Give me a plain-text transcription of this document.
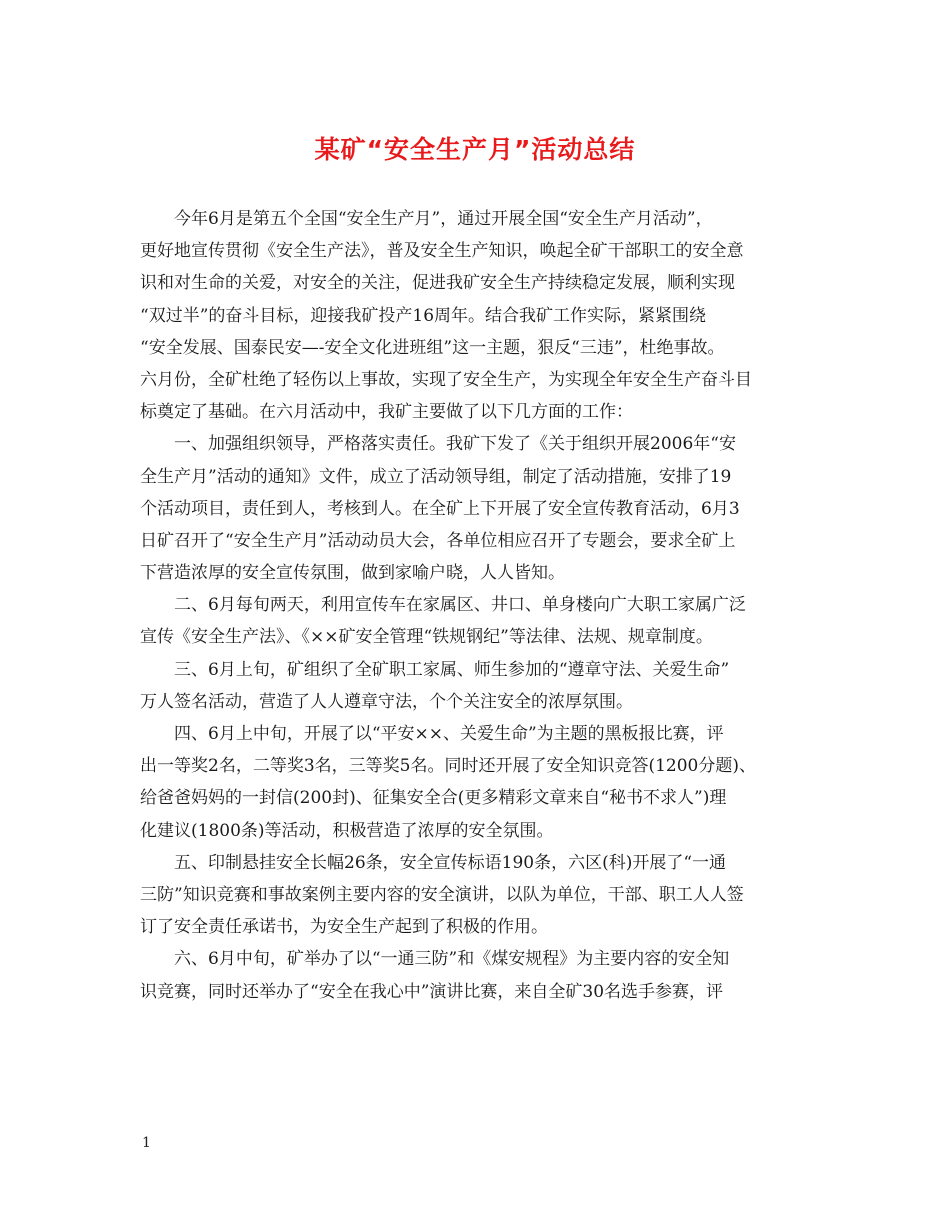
某矿“安全生产月”活动总结
今年6月是第五个全国“安全生产月”，通过开展全国“安全生产月活动”，
更好地宣传贯彻《安全生产法》，普及安全生产知识，唤起全矿干部职工的安全意
识和对生命的关爱，对安全的关注，促进我矿安全生产持续稳定发展，顺利实现
“双过半”的奋斗目标，迎接我矿投产16周年。结合我矿工作实际，紧紧围绕
“安全发展、国泰民安—-安全文化进班组”这一主题，狠反“三违”，杜绝事故。
六月份，全矿杜绝了轻伤以上事故，实现了安全生产，为实现全年安全生产奋斗目
标奠定了基础。在六月活动中，我矿主要做了以下几方面的工作：
一、加强组织领导，严格落实责任。我矿下发了《关于组织开展2006年“安
全生产月”活动的通知》文件，成立了活动领导组，制定了活动措施，安排了19
个活动项目，责任到人，考核到人。在全矿上下开展了安全宣传教育活动，6月3
日矿召开了“安全生产月”活动动员大会，各单位相应召开了专题会，要求全矿上
下营造浓厚的安全宣传氛围，做到家喻户晓，人人皆知。
二、6月每旬两天，利用宣传车在家属区、井口、单身楼向广大职工家属广泛
宣传《安全生产法》、《××矿安全管理“铁规钢纪”等法律、法规、规章制度。
三、6月上旬，矿组织了全矿职工家属、师生参加的“遵章守法、关爱生命”
万人签名活动，营造了人人遵章守法，个个关注安全的浓厚氛围。
四、6月上中旬，开展了以“平安××、关爱生命”为主题的黑板报比赛，评
出一等奖2名，二等奖3名，三等奖5名。同时还开展了安全知识竞答(1200分题)、
给爸爸妈妈的一封信(200封)、征集安全合(更多精彩文章来自“秘书不求人”)理
化建议(1800条)等活动，积极营造了浓厚的安全氛围。
五、印制悬挂安全长幅26条，安全宣传标语190条，六区(科)开展了“一通
三防”知识竞赛和事故案例主要内容的安全演讲，以队为单位，干部、职工人人签
订了安全责任承诺书，为安全生产起到了积极的作用。
六、6月中旬，矿举办了以“一通三防”和《煤安规程》为主要内容的安全知
识竞赛，同时还举办了“安全在我心中”演讲比赛，来自全矿30名选手参赛，评
1
